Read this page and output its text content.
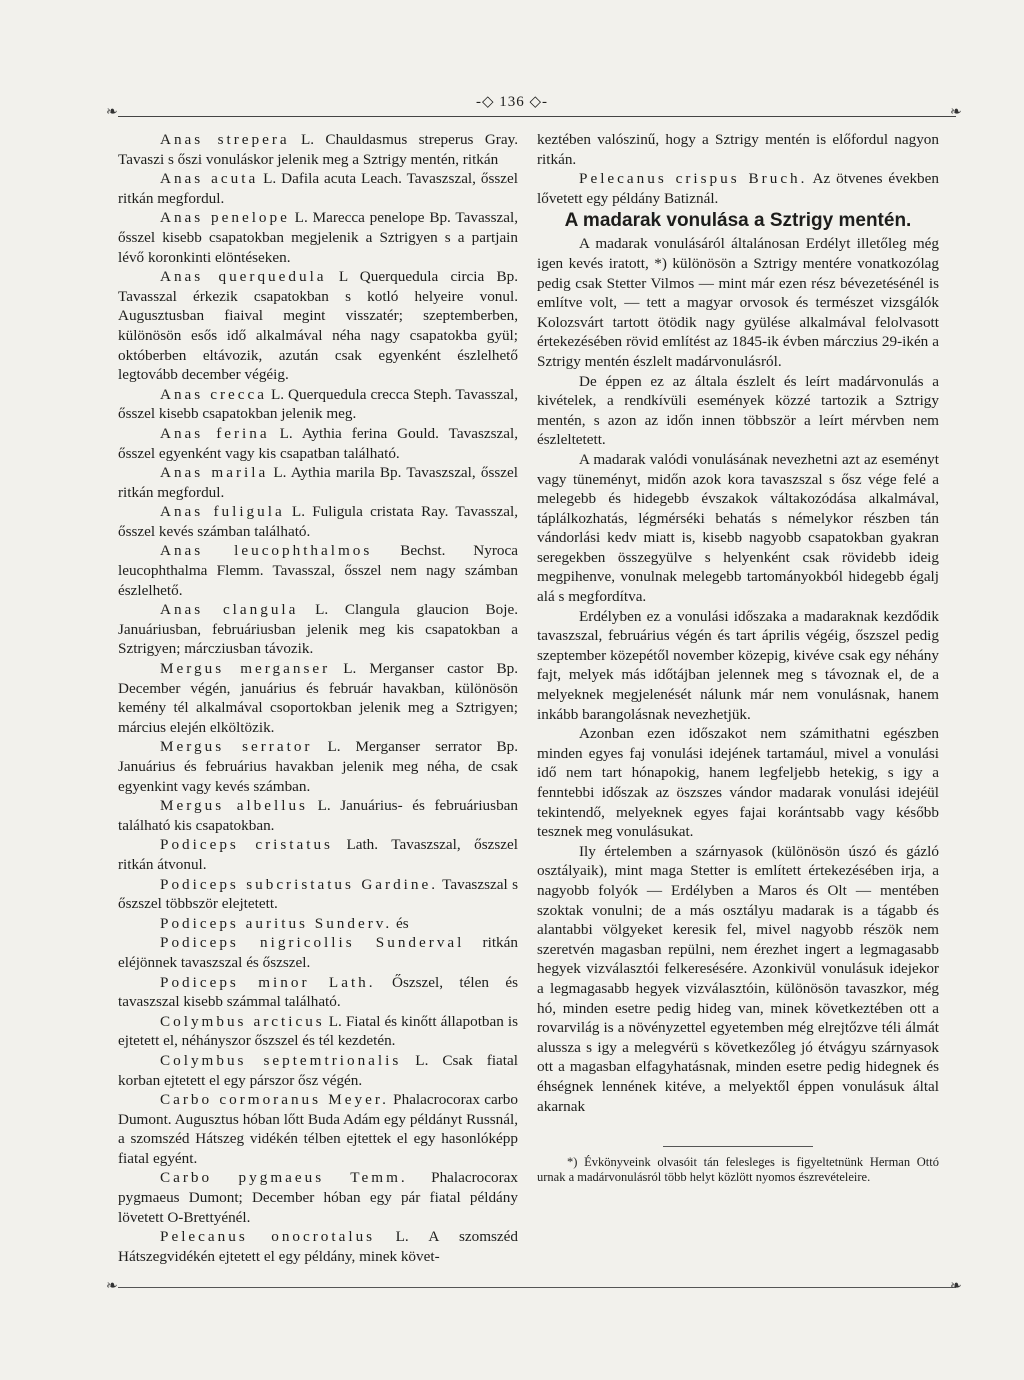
-◇ 136 ◇-
❧	❧

Anas strepera L. Chauldasmus streperus Gray. Tavaszi s őszi vonuláskor jelenik meg a Sztrigy mentén, ritkán

Anas acuta L. Dafila acuta Leach. Tavaszszal, ősszel ritkán megfordul.

Anas penelope L. Marecca penelope Bp. Tavasszal, ősszel kisebb csapatokban megjelenik a Sztrigyen s a partjain lévő koronkinti elöntéseken.

Anas querquedula L Querquedula circia Bp. Tavasszal érkezik csapatokban s kotló helyeire vonul. Augusztusban fiaival megint visszatér; szeptemberben, különösön esős idő alkalmával néha nagy csapatokba gyül; októberben eltávozik, azután csak egyenként észlelhető legtovább december végéig.

Anas crecca L. Querquedula crecca Steph. Tavasszal, ősszel kisebb csapatokban jelenik meg.

Anas ferina L. Aythia ferina Gould. Tavaszszal, ősszel egyenként vagy kis csapatban található.

Anas marila L. Aythia marila Bp. Tavaszszal, ősszel ritkán megfordul.

Anas fuligula L. Fuligula cristata Ray. Tavasszal, ősszel kevés számban található.

Anas leucophthalmos Bechst. Nyroca leucophthalma Flemm. Tavasszal, ősszel nem nagy számban észlelhető.

Anas clangula L. Clangula glaucion Boje. Januáriusban, februáriusban jelenik meg kis csapatokban a Sztrigyen; márcziusban távozik.

Mergus merganser L. Merganser castor Bp. December végén, januárius és február havakban, különösön kemény tél alkalmával csoportokban jelenik meg a Sztrigyen; március elején elköltözik.

Mergus serrator L. Merganser serrator Bp. Januárius és februárius havakban jelenik meg néha, de csak egyenkint vagy kevés számban.

Mergus albellus L. Januárius- és februáriusban található kis csapatokban.

Podiceps cristatus Lath. Tavaszszal, őszszel ritkán átvonul.

Podiceps subcristatus Gardine. Tavaszszal s őszszel többször elejtetett.

Podiceps auritus Sunderv. és

Podiceps nigricollis Sunderval ritkán eléjönnek tavaszszal és őszszel.

Podiceps minor Lath. Őszszel, télen és tavaszszal kisebb számmal található.

Colymbus arcticus L. Fiatal és kinőtt állapotban is ejtetett el, néhányszor őszszel és tél kezdetén.

Colymbus septemtrionalis L. Csak fiatal korban ejtetett el egy párszor ősz végén.

Carbo cormoranus Meyer. Phalacrocorax carbo Dumont. Augusztus hóban lőtt Buda Adám egy példányt Russnál, a szomszéd Hátszeg vidékén télben ejtettek el egy hasonlóképp fiatal egyént.

Carbo pygmaeus Temm. Phalacrocorax pygmaeus Dumont; December hóban egy pár fiatal példány lövetett O-Brettyénél.

Pelecanus onocrotalus L. A szomszéd Hátszegvidékén ejtetett el egy példány, minek követ-

keztében valószinű, hogy a Sztrigy mentén is előfordul nagyon ritkán.

Pelecanus crispus Bruch. Az ötvenes években lővetett egy példány Batiznál.

A madarak vonulása a Sztrigy mentén.

A madarak vonulásáról általánosan Erdélyt illetőleg még igen kevés iratott, *) különösön a Sztrigy mentére vonatkozólag pedig csak Stetter Vilmos — mint már ezen rész bévezetésénél is említve volt, — tett a magyar orvosok és természet vizsgálók Kolozsvárt tartott ötödik nagy gyülése alkalmával felolvasott értekezésében rövid említést az 1845-ik évben márczius 29-ikén a Sztrigy mentén észlelt madárvonulásról.

De éppen ez az általa észlelt és leírt madárvonulás a kivételek, a rendkívüli események közzé tartozik a Sztrigy mentén, s azon az időn innen többször a leírt mérvben nem észleltetett.

A madarak valódi vonulásának nevezhetni azt az eseményt vagy tüneményt, midőn azok kora tavaszszal s ősz vége felé a melegebb és hidegebb évszakok váltakozódása alkalmával, táplálkozhatás, légmérséki behatás s némelykor részben tán vándorlási kedv miatt is, kisebb nagyobb csapatokban gyakran seregekben összegyülve s helyenként csak rövidebb ideig megpihenve, vonulnak melegebb tartományokból hidegebb égalj alá s megfordítva.

Erdélyben ez a vonulási időszaka a madaraknak kezdődik tavaszszal, februárius végén és tart április végéig, őszszel pedig szeptember közepétől november közepig, kivéve csak egy néhány fajt, melyek más időtájban jelennek meg s távoznak el, de a melyeknek megjelenését nálunk már nem vonulásnak, hanem inkább barangolásnak nevezhetjük.

Azonban ezen időszakot nem számithatni egészben minden egyes faj vonulási idejének tartamául, mivel a vonulási idő nem tart hónapokig, hanem legfeljebb hetekig, s igy a fenntebbi időszak az öszszes vándor madarak vonulási idejéül tekintendő, melyeknek egyes fajai korántsabb vagy később tesznek meg vonulásukat.

Ily értelemben a szárnyasok (különösön úszó és gázló osztályaik), mint maga Stetter is említett értekezésében irja, a nagyobb folyók — Erdélyben a Maros és Olt — mentében szoktak vonulni; de a más osztályu madarak is a tágabb és alantabbi völgyeket keresik fel, mivel nagyobb részök nem szeretvén magasban repülni, nem érezhet ingert a legmagasabb hegyek vizválasztói felkeresésére. Azonkivül vonulásuk idejekor a legmagasabb hegyek vizválasztóin, különösön tavaszkor, még hó, minden esetre pedig hideg van, minek következtében ott a rovarvilág is a növényzettel egyetemben még elrejtőzve téli álmát alussza s igy a melegvérü s következőleg jó étvágyu szárnyasok ott a magasban elfagyhatásnak, minden esetre pedig hidegnek és éhségnek lennének kitéve, a melyektől éppen vonulásuk által akarnak

*) Évkönyveink olvasóit tán felesleges is figyeltetnünk Herman Ottó urnak a madárvonulásról több helyt közlött nyomos észrevételeire.

❧	❧
